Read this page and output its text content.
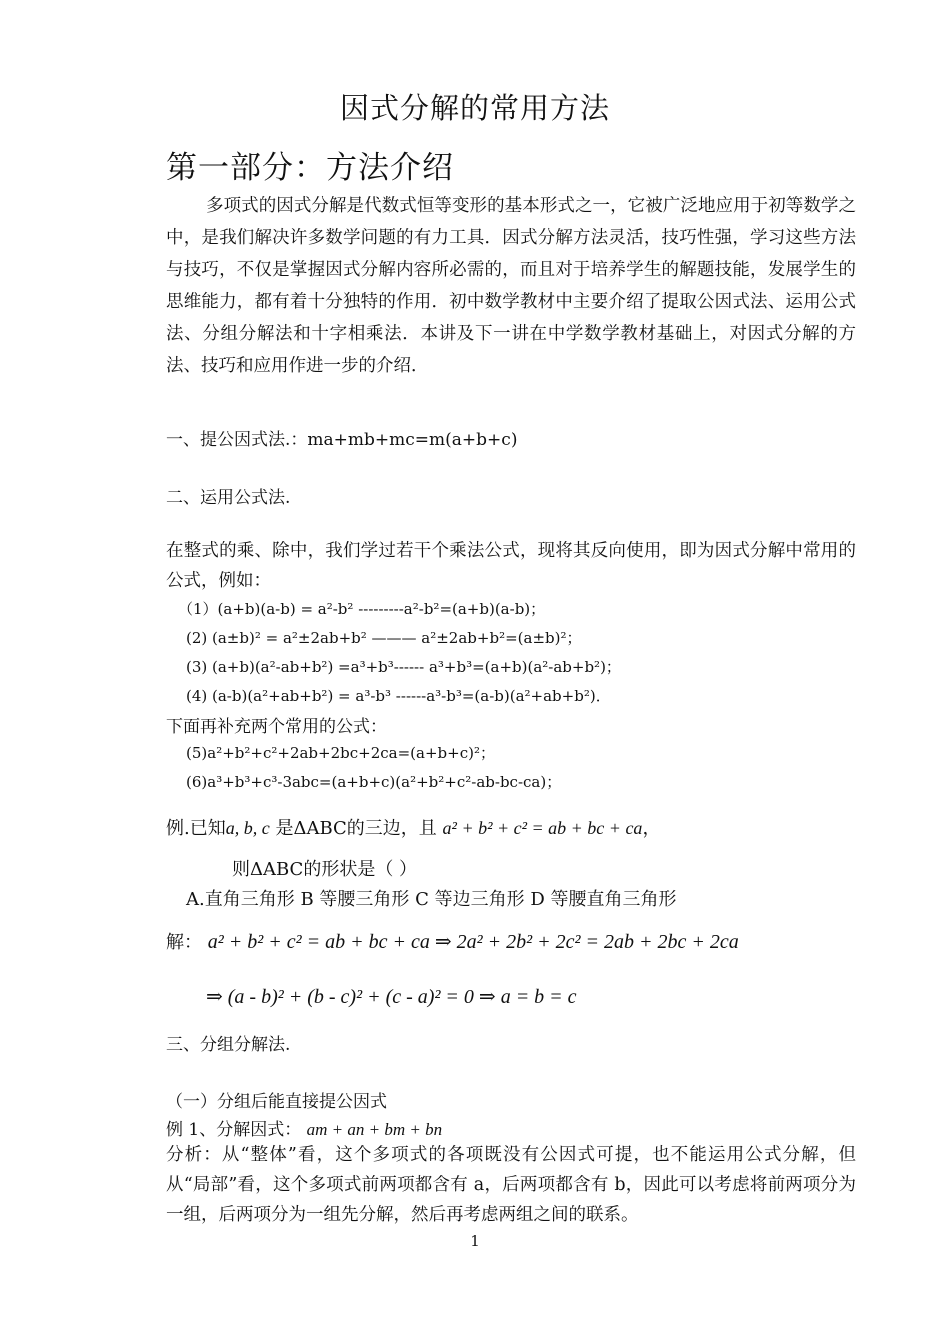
因式分解的常用方法
第一部分：方法介绍
多项式的因式分解是代数式恒等变形的基本形式之一，它被广泛地应用于初等数学之中，是我们解决许多数学问题的有力工具．因式分解方法灵活，技巧性强，学习这些方法与技巧，不仅是掌握因式分解内容所必需的，而且对于培养学生的解题技能，发展学生的思维能力，都有着十分独特的作用．初中数学教材中主要介绍了提取公因式法、运用公式法、分组分解法和十字相乘法．本讲及下一讲在中学数学教材基础上，对因式分解的方法、技巧和应用作进一步的介绍．
一、提公因式法.：ma+mb+mc=m(a+b+c)
二、运用公式法.
在整式的乘、除中，我们学过若干个乘法公式，现将其反向使用，即为因式分解中常用的公式，例如：
（1）(a+b)(a-b) = a²-b² ---------a²-b²=(a+b)(a-b)；
(2) (a±b)² = a²±2ab+b² ——— a²±2ab+b²=(a±b)²；
(3) (a+b)(a²-ab+b²) =a³+b³------ a³+b³=(a+b)(a²-ab+b²)；
(4) (a-b)(a²+ab+b²) = a³-b³ ------a³-b³=(a-b)(a²+ab+b²)．
下面再补充两个常用的公式：
(5)a²+b²+c²+2ab+2bc+2ca=(a+b+c)²；
(6)a³+b³+c³-3abc=(a+b+c)(a²+b²+c²-ab-bc-ca)；
例.已知a, b, c 是ΔABC的三边，且 a² + b² + c² = ab + bc + ca，
则ΔABC的形状是（ ）
A.直角三角形 B 等腰三角形 C 等边三角形 D 等腰直角三角形
解： a² + b² + c² = ab + bc + ca ⇒ 2a² + 2b² + 2c² = 2ab + 2bc + 2ca
⇒ (a - b)² + (b - c)² + (c - a)² = 0 ⇒ a = b = c
三、分组分解法.
（一）分组后能直接提公因式
例 1、分解因式： am + an + bm + bn
分析：从“整体”看，这个多项式的各项既没有公因式可提，也不能运用公式分解，但从“局部”看，这个多项式前两项都含有 a，后两项都含有 b，因此可以考虑将前两项分为一组，后两项分为一组先分解，然后再考虑两组之间的联系。
1
